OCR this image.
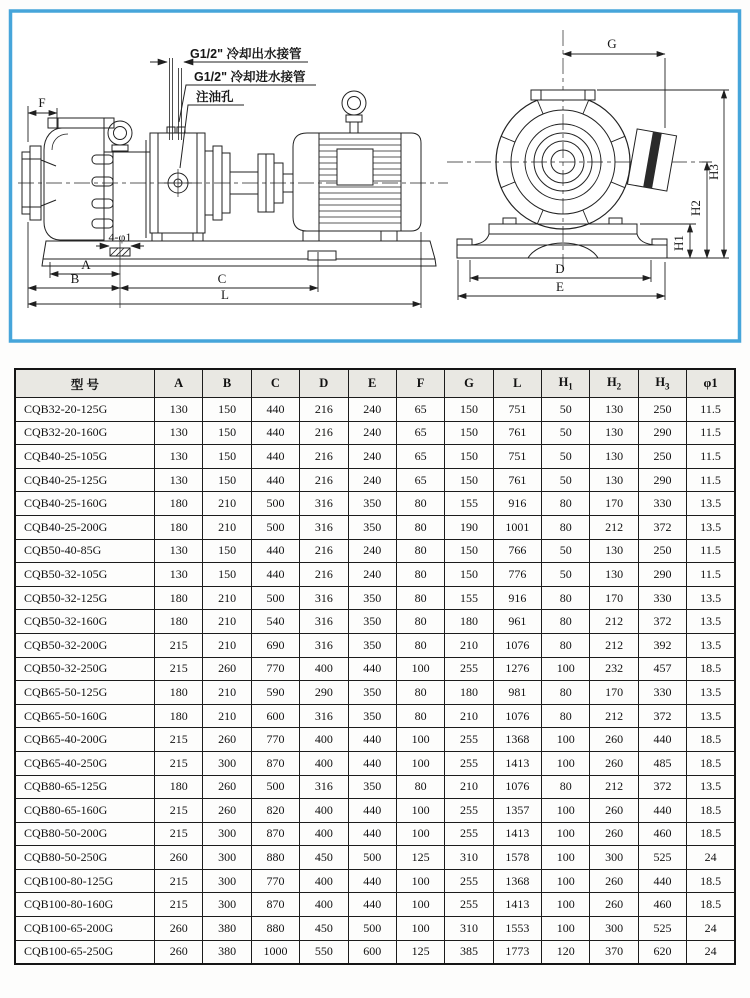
G1/2" 冷却出水接管
G1/2" 冷却进水接管
注油孔
4-φ1
F
A
B	C
L
G
H1
H2
H3
D
E
型 号	A	B	C	D	E	F	G	L	$H_1$	$H_2$	$H_3$	φ1
CQB32-20-125G	130	150	440	216	240	65	150	751	50	130	250	11.5
CQB32-20-160G	130	150	440	216	240	65	150	761	50	130	290	11.5
CQB40-25-105G	130	150	440	216	240	65	150	751	50	130	250	11.5
CQB40-25-125G	130	150	440	216	240	65	150	761	50	130	290	11.5
CQB40-25-160G	180	210	500	316	350	80	155	916	80	170	330	13.5
CQB40-25-200G	180	210	500	316	350	80	190	1001	80	212	372	13.5
CQB50-40-85G	130	150	440	216	240	80	150	766	50	130	250	11.5
CQB50-32-105G	130	150	440	216	240	80	150	776	50	130	290	11.5
CQB50-32-125G	180	210	500	316	350	80	155	916	80	170	330	13.5
CQB50-32-160G	180	210	540	316	350	80	180	961	80	212	372	13.5
CQB50-32-200G	215	210	690	316	350	80	210	1076	80	212	392	13.5
CQB50-32-250G	215	260	770	400	440	100	255	1276	100	232	457	18.5
CQB65-50-125G	180	210	590	290	350	80	180	981	80	170	330	13.5
CQB65-50-160G	180	210	600	316	350	80	210	1076	80	212	372	13.5
CQB65-40-200G	215	260	770	400	440	100	255	1368	100	260	440	18.5
CQB65-40-250G	215	300	870	400	440	100	255	1413	100	260	485	18.5
CQB80-65-125G	180	260	500	316	350	80	210	1076	80	212	372	13.5
CQB80-65-160G	215	260	820	400	440	100	255	1357	100	260	440	18.5
CQB80-50-200G	215	300	870	400	440	100	255	1413	100	260	460	18.5
CQB80-50-250G	260	300	880	450	500	125	310	1578	100	300	525	24
CQB100-80-125G	215	300	770	400	440	100	255	1368	100	260	440	18.5
CQB100-80-160G	215	300	870	400	440	100	255	1413	100	260	460	18.5
CQB100-65-200G	260	380	880	450	500	100	310	1553	100	300	525	24
CQB100-65-250G	260	380	1000	550	600	125	385	1773	120	370	620	24
